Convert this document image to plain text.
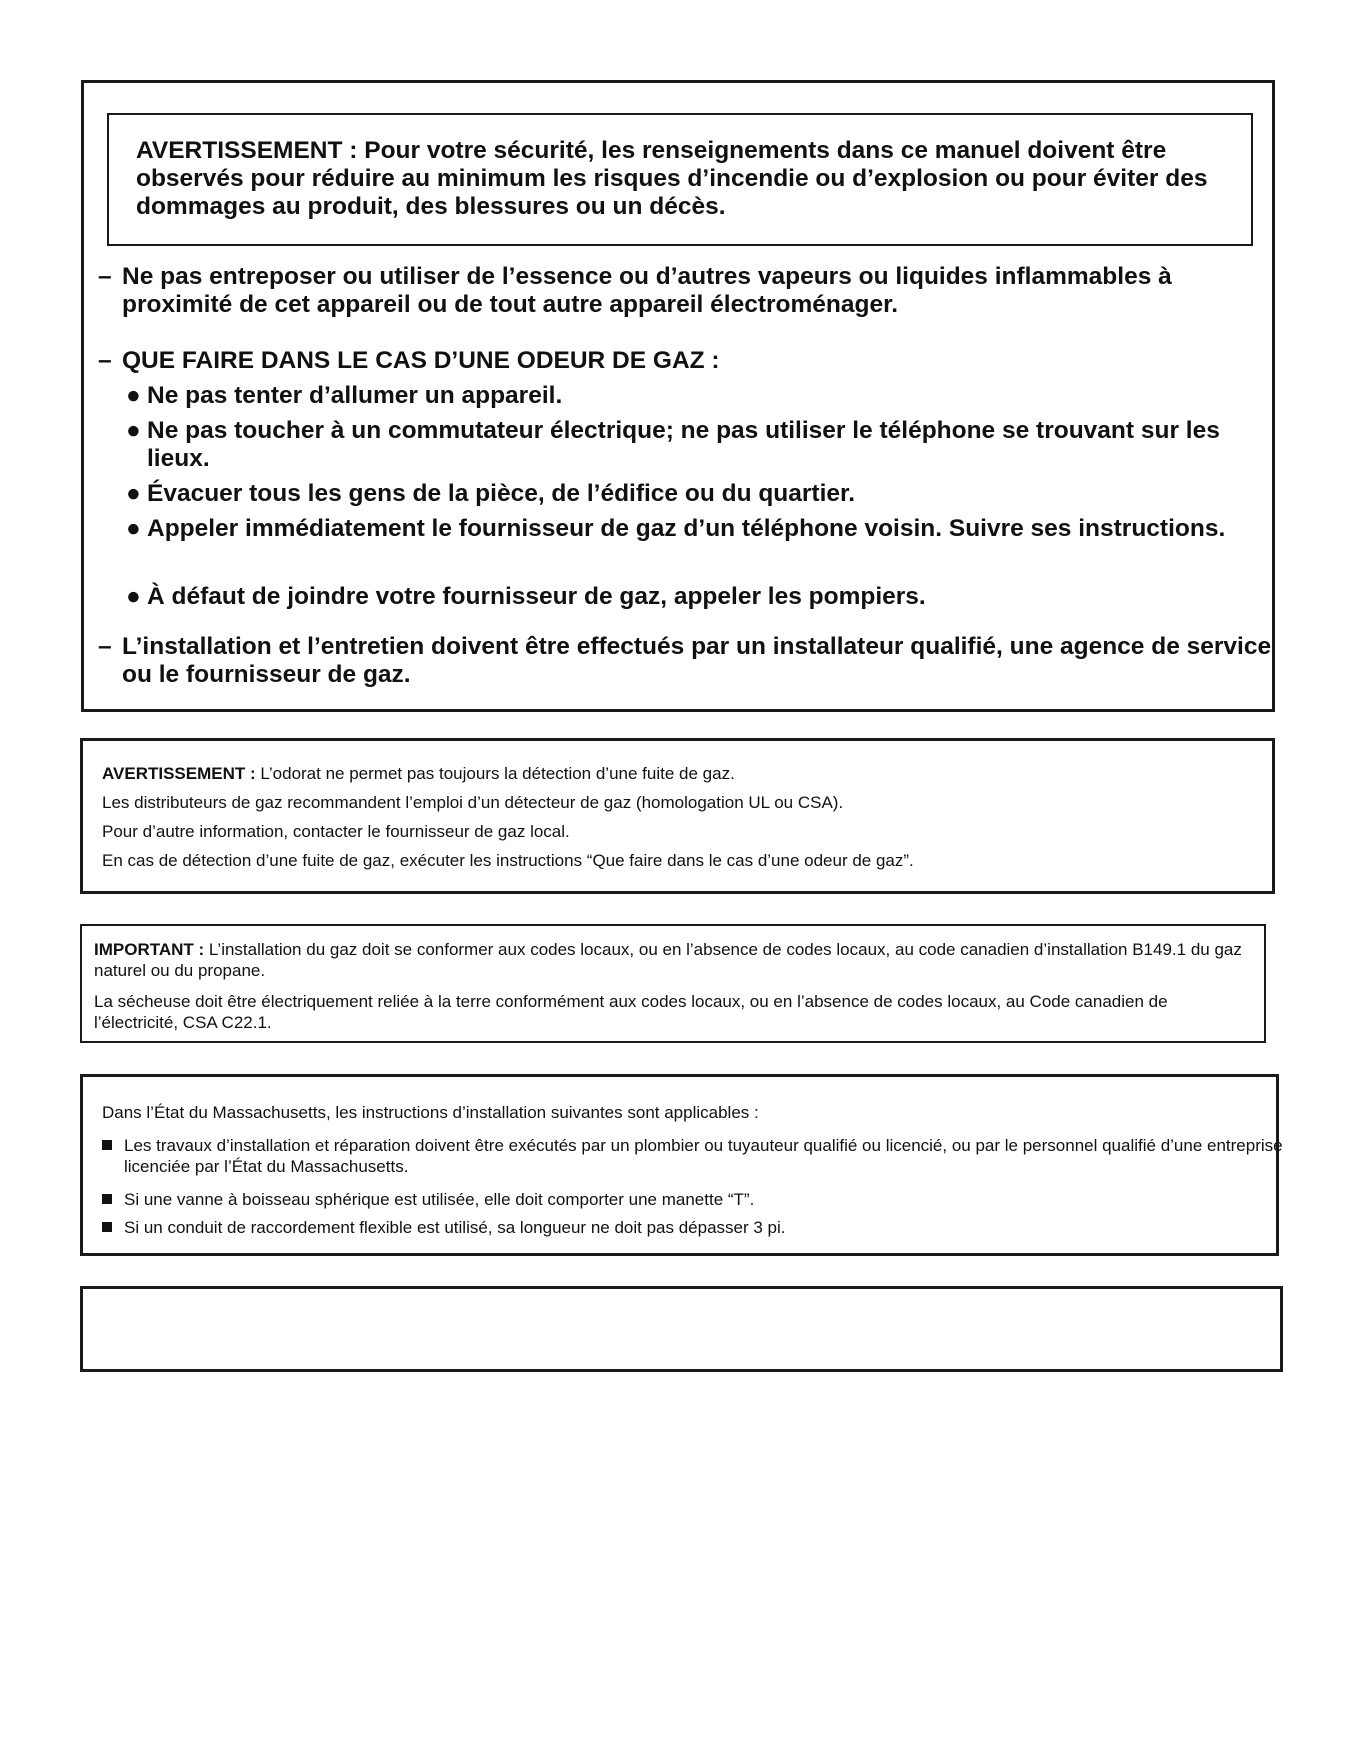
AVERTISSEMENT : Pour votre sécurité, les renseignements dans ce manuel doivent être observés pour réduire au minimum les risques d’incendie ou d’explosion ou pour éviter des dommages au produit, des blessures ou un décès.
– Ne pas entreposer ou utiliser de l’essence ou d’autres vapeurs ou liquides inflammables à proximité de cet appareil ou de tout autre appareil électroménager.
– QUE FAIRE DANS LE CAS D’UNE ODEUR DE GAZ :
● Ne pas tenter d’allumer un appareil.
● Ne pas toucher à un commutateur électrique; ne pas utiliser le téléphone se trouvant sur les lieux.
● Évacuer tous les gens de la pièce, de l’édifice ou du quartier.
● Appeler immédiatement le fournisseur de gaz d’un téléphone voisin. Suivre ses instructions.
● À défaut de joindre votre fournisseur de gaz, appeler les pompiers.
– L’installation et l’entretien doivent être effectués par un installateur qualifié, une agence de service ou le fournisseur de gaz.
AVERTISSEMENT : L’odorat ne permet pas toujours la détection d’une fuite de gaz.
Les distributeurs de gaz recommandent l’emploi d’un détecteur de gaz (homologation UL ou CSA).
Pour d’autre information, contacter le fournisseur de gaz local.
En cas de détection d’une fuite de gaz, exécuter les instructions “Que faire dans le cas d’une odeur de gaz”.
IMPORTANT : L’installation du gaz doit se conformer aux codes locaux, ou en l’absence de codes locaux, au code canadien d’installation B149.1 du gaz naturel ou du propane.
La sécheuse doit être électriquement reliée à la terre conformément aux codes locaux, ou en l’absence de codes locaux, au Code canadien de l’électricité, CSA C22.1.
Dans l’État du Massachusetts, les instructions d’installation suivantes sont applicables :
Les travaux d’installation et réparation doivent être exécutés par un plombier ou tuyauteur qualifié ou licencié, ou par le personnel qualifié d’une entreprise licenciée par l’État du Massachusetts.
Si une vanne à boisseau sphérique est utilisée, elle doit comporter une manette “T”.
Si un conduit de raccordement flexible est utilisé, sa longueur ne doit pas dépasser 3 pi.
